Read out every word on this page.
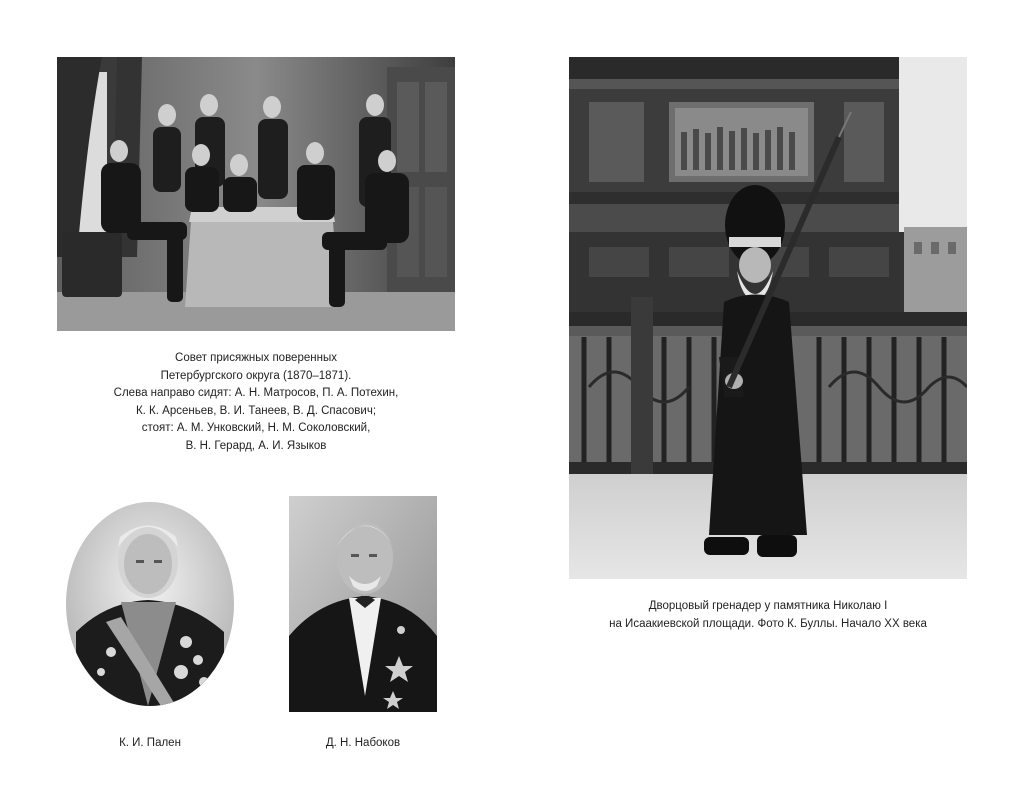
Совет присяжных поверенных
Петербургского округа (1870–1871).
Слева направо сидят: А. Н. Матросов, П. А. Потехин,
К. К. Арсеньев, В. И. Танеев, В. Д. Спасович;
стоят: А. М. Унковский, Н. М. Соколовский,
В. Н. Герард, А. И. Языков
К. И. Пален	Д. Н. Набоков
Дворцовый гренадер у памятника Николаю I
на Исаакиевской площади. Фото К. Буллы. Начало XX века
